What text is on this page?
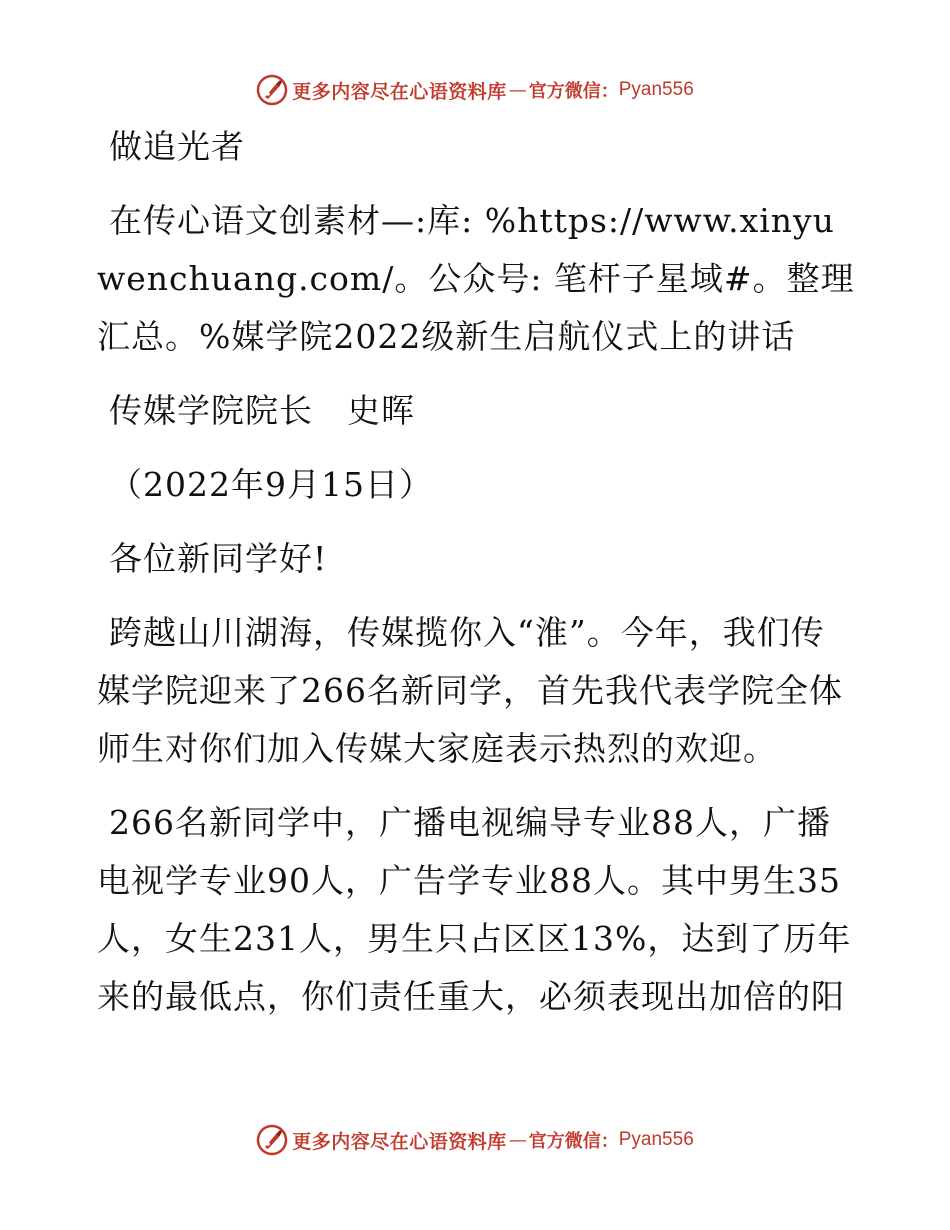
更多内容尽在心语资料库 — 官方微信： Pyan556

做追光者

在传心语文创素材—:库: %https://www.xinyuwenchuang.com/。公众号: 笔杆子星域#。整理汇总。%媒学院2022级新生启航仪式上的讲话

传媒学院院长　史晖

（2022年9月15日）

各位新同学好!

跨越山川湖海，传媒揽你入“淮”。今年，我们传媒学院迎来了266名新同学，首先我代表学院全体师生对你们加入传媒大家庭表示热烈的欢迎。

266名新同学中，广播电视编导专业88人，广播电视学专业90人，广告学专业88人。其中男生35人，女生231人，男生只占区区13%，达到了历年来的最低点，你们责任重大，必须表现出加倍的阳

更多内容尽在心语资料库 — 官方微信： Pyan556
